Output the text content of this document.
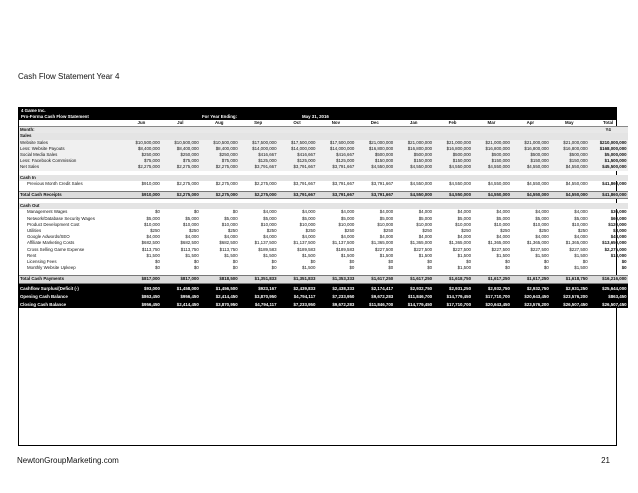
Cash Flow Statement Year 4
4 Game Inc.
Pro-Forma Cash Flow Statement	For Year Ending:	May 31, 2016
	Jun	Jul	Aug	Sep	Oct	Nov	Dec	Jan	Feb	Mar	Apr	May	Total
Month:													Y4
Sales													
Website Sales	$10,500,000	$10,500,000	$10,500,000	$17,500,000	$17,500,000	$17,500,000	$21,000,000	$21,000,000	$21,000,000	$21,000,000	$21,000,000	$21,000,000	$210,000,000
Less: Website Payouts	$8,400,000	$8,400,000	$8,400,000	$14,000,000	$14,000,000	$14,000,000	$16,800,000	$16,800,000	$16,800,000	$16,800,000	$16,800,000	$16,800,000	$168,000,000
Social Media Sales	$250,000	$250,000	$250,000	$416,667	$416,667	$416,667	$500,000	$500,000	$500,000	$500,000	$500,000	$500,000	$5,000,000
Less: Facebook Commission	$75,000	$75,000	$75,000	$125,000	$125,000	$125,000	$150,000	$150,000	$150,000	$150,000	$150,000	$150,000	$1,500,000
Net Sales	$2,275,000	$2,275,000	$2,275,000	$3,791,667	$3,791,667	$3,791,667	$4,550,000	$4,550,000	$4,550,000	$4,550,000	$4,550,000	$4,550,000	$45,500,000

Cash In													
Previous Month Credit Sales	$910,000	$2,275,000	$2,275,000	$2,275,000	$3,791,667	$3,791,667	$3,791,667	$4,550,000	$4,550,000	$4,550,000	$4,550,000	$4,550,000	$41,860,000

Total Cash Receipts	$910,000	$2,275,000	$2,275,000	$2,275,000	$3,791,667	$3,791,667	$3,791,667	$4,550,000	$4,550,000	$4,550,000	$4,550,000	$4,550,000	$41,860,000

Cash Out													
Management Wages	$0	$0	$0	$4,000	$4,000	$4,000	$4,000	$4,000	$4,000	$4,000	$4,000	$4,000	$36,000
Network/Database Security Wages	$5,000	$5,000	$5,000	$5,000	$5,000	$5,000	$5,000	$5,000	$5,000	$5,000	$5,000	$5,000	$60,000
Product Development Cost	$10,000	$10,000	$10,000	$10,000	$10,000	$10,000	$10,000	$10,000	$10,000	$10,000	$10,000	$10,000	$120,000
Utilities	$250	$250	$250	$250	$250	$250	$250	$250	$250	$250	$250	$250	$3,000
Google Adwords/SEO	$4,000	$4,000	$4,000	$4,000	$4,000	$4,000	$4,000	$4,000	$4,000	$4,000	$4,000	$4,000	$48,000
Affiliate Marketing Costs	$682,500	$682,500	$682,500	$1,137,500	$1,137,500	$1,137,500	$1,365,000	$1,365,000	$1,365,000	$1,365,000	$1,365,000	$1,365,000	$13,650,000
Cross Selling Game Expense	$113,750	$113,750	$113,750	$189,583	$189,583	$189,583	$227,500	$227,500	$227,500	$227,500	$227,500	$227,500	$2,275,000
Rent	$1,500	$1,500	$1,500	$1,500	$1,500	$1,500	$1,500	$1,500	$1,500	$1,500	$1,500	$1,500	$18,000
Licensing Fees	$0	$0	$0	$0	$0	$0	$0	$0	$0	$0	$0	$0	$0
Monthly Website Upkeep	$0	$0	$0	$0	$1,500	$0	$0	$0	$1,500	$0	$0	$1,500	$0

Total Cash Payments	$817,000	$817,000	$818,500	$1,351,833	$1,351,833	$1,353,333	$1,617,250	$1,617,250	$1,618,750	$1,617,250	$1,617,250	$1,618,750	$16,216,000

Cashflow Surplus/(Deficit (-)	$93,000	$1,458,000	$1,456,500	$923,167	$2,439,833	$2,438,333	$2,174,417	$2,932,750	$2,931,250	$2,932,750	$2,932,750	$2,931,250	$25,644,000

Opening Cash Balance	$863,450	$956,450	$2,414,450	$3,870,950	$4,794,117	$7,233,950	$9,672,283	$11,846,700	$14,779,450	$17,710,700	$20,643,450	$23,576,200	$863,450

Closing Cash Balance	$956,450	$2,414,450	$3,870,950	$4,794,117	$7,233,950	$9,672,283	$11,846,700	$14,779,450	$17,710,700	$20,643,450	$23,576,200	$26,507,450	$26,507,450
NewtonGroupMarketing.com	21
